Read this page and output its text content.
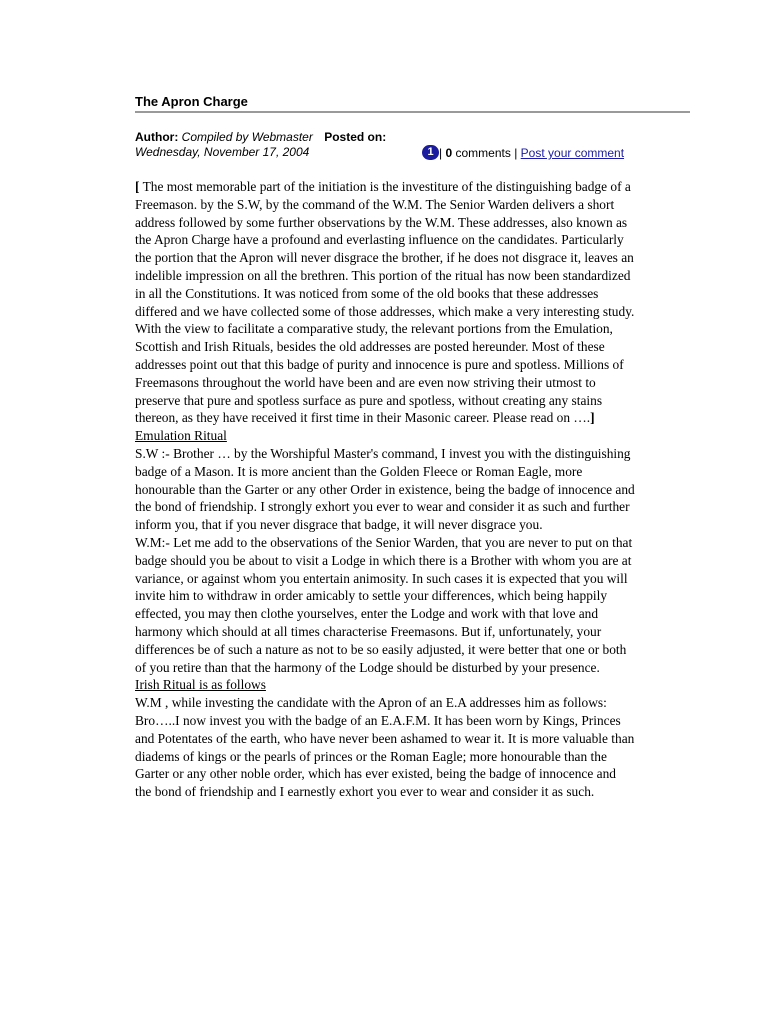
The Apron Charge
Author: Compiled by Webmaster Posted on:
Wednesday, November 17, 2004	1 | 0 comments | Post your comment

[ The most memorable part of the initiation is the investiture of the distinguishing badge of a Freemason. by the S.W, by the command of the W.M. The Senior Warden delivers a short address followed by some further observations by the W.M. These addresses, also known as the Apron Charge have a profound and everlasting influence on the candidates. Particularly the portion that the Apron will never disgrace the brother, if he does not disgrace it, leaves an indelible impression on all the brethren. This portion of the ritual has now been standardized in all the Constitutions. It was noticed from some of the old books that these addresses differed and we have collected some of those addresses, which make a very interesting study. With the view to facilitate a comparative study, the relevant portions from the Emulation, Scottish and Irish Rituals, besides the old addresses are posted hereunder. Most of these addresses point out that this badge of purity and innocence is pure and spotless. Millions of Freemasons throughout the world have been and are even now striving their utmost to preserve that pure and spotless surface as pure and spotless, without creating any stains thereon, as they have received it first time in their Masonic career. Please read on ….]

Emulation Ritual

S.W :- Brother … by the Worshipful Master's command, I invest you with the distinguishing badge of a Mason. It is more ancient than the Golden Fleece or Roman Eagle, more honourable than the Garter or any other Order in existence, being the badge of innocence and the bond of friendship. I strongly exhort you ever to wear and consider it as such and further inform you, that if you never disgrace that badge, it will never disgrace you.

W.M:- Let me add to the observations of the Senior Warden, that you are never to put on that badge should you be about to visit a Lodge in which there is a Brother with whom you are at variance, or against whom you entertain animosity. In such cases it is expected that you will invite him to withdraw in order amicably to settle your differences, which being happily effected, you may then clothe yourselves, enter the Lodge and work with that love and harmony which should at all times characterise Freemasons. But if, unfortunately, your differences be of such a nature as not to be so easily adjusted, it were better that one or both of you retire than that the harmony of the Lodge should be disturbed by your presence.

Irish Ritual is as follows

W.M , while investing the candidate with the Apron of an E.A addresses him as follows:

Bro…..I now invest you with the badge of an E.A.F.M. It has been worn by Kings, Princes and Potentates of the earth, who have never been ashamed to wear it. It is more valuable than diadems of kings or the pearls of princes or the Roman Eagle; more honourable than the Garter or any other noble order, which has ever existed, being the badge of innocence and the bond of friendship and I earnestly exhort you ever to wear and consider it as such.
